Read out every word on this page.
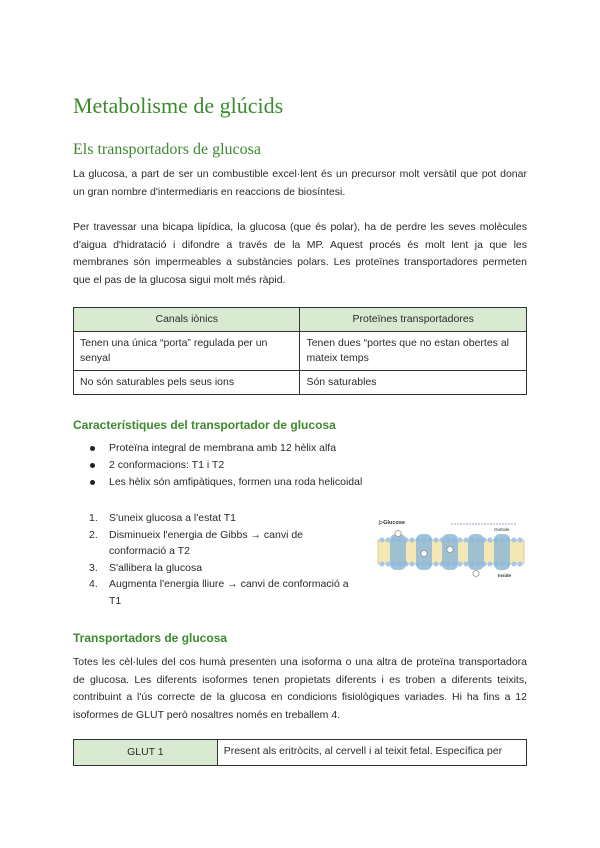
Metabolisme de glúcids
Els transportadors de glucosa

La glucosa, a part de ser un combustible excel·lent és un precursor molt versàtil que pot donar un gran nombre d'intermediaris en reaccions de biosíntesi.

Per travessar una bicapa lipídica, la glucosa (que és polar), ha de perdre les seves molècules d'aigua d'hidratació i difondre a través de la MP. Aquest procés és molt lent ja que les membranes són impermeables a substàncies polars. Les proteïnes transportadores permeten que el pas de la glucosa sigui molt més ràpid.

Canals iònics	Proteïnes transportadores
Tenen una única “porta” regulada per un senyal	Tenen dues “portes que no estan obertes al mateix temps
No són saturables pels seus ions	Són saturables
Característiques del transportador de glucosa
Proteïna integral de membrana amb 12 hèlix alfa
2 conformacions: T1 i T2
Les hèlix són amfipàtiques, formen una roda helicoidal
1. S'uneix glucosa a l'estat T1
2. Disminueix l'energia de Gibbs → canvi de conformació a T2
3. S'allibera la glucosa
4. Augmenta l'energia lliure → canvi de conformació a T1
▷Glucose
Outside
Inside
Transportadors de glucosa

Totes les cèl·lules del cos humà presenten una isoforma o una altra de proteïna transportadora de glucosa. Les diferents isoformes tenen propietats diferents i es troben a diferents teixits, contribuint a l'ús correcte de la glucosa en condicions fisiològiques variades. Hi ha fins a 12 isoformes de GLUT però nosaltres només en treballem 4.

GLUT 1	Present als eritròcits, al cervell i al teixit fetal. Específica per
